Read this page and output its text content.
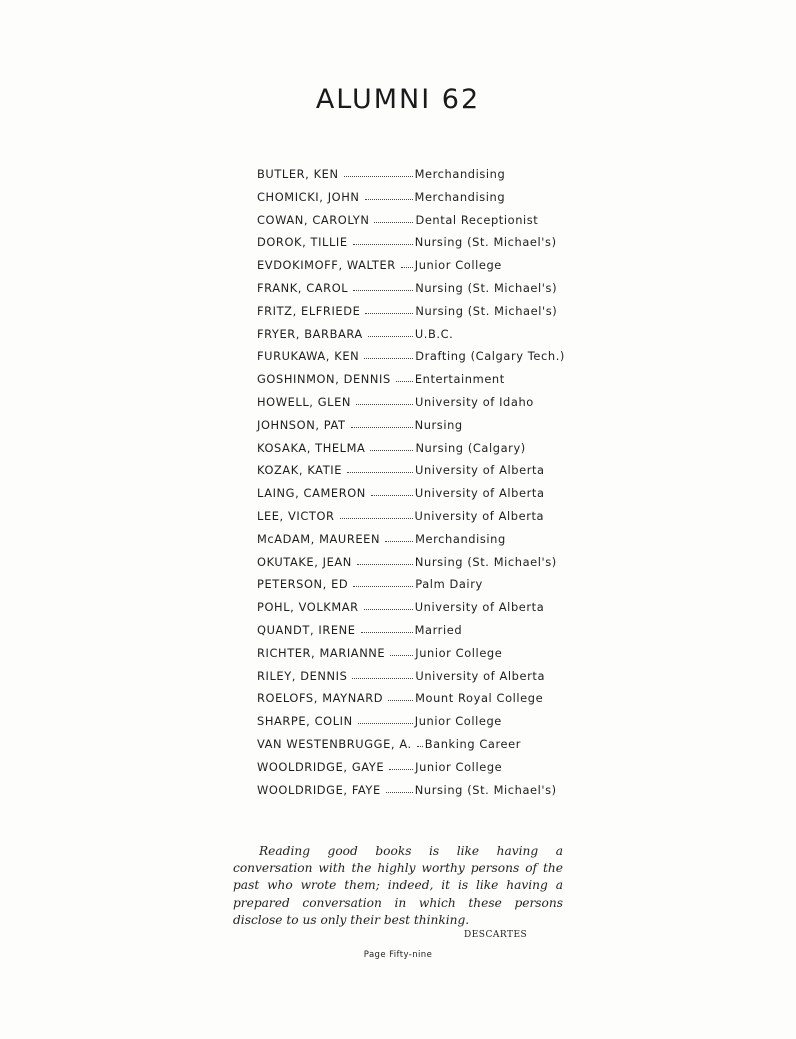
ALUMNI 62
BUTLER, KEN	Merchandising
CHOMICKI, JOHN	Merchandising
COWAN, CAROLYN	Dental Receptionist
DOROK, TILLIE	Nursing (St. Michael's)
EVDOKIMOFF, WALTER Junior College
FRANK, CAROL	Nursing (St. Michael's)
FRITZ, ELFRIEDE	Nursing (St. Michael's)
FRYER, BARBARA	U.B.C.
FURUKAWA, KEN	Drafting (Calgary Tech.)
GOSHINMON, DENNIS Entertainment
HOWELL, GLEN	University of Idaho
JOHNSON, PAT	Nursing
KOSAKA, THELMA	Nursing (Calgary)
KOZAK, KATIE	University of Alberta
LAING, CAMERON	University of Alberta
LEE, VICTOR	University of Alberta
McADAM, MAUREEN	Merchandising
OKUTAKE, JEAN	Nursing (St. Michael's)
PETERSON, ED	Palm Dairy
POHL, VOLKMAR	University of Alberta
QUANDT, IRENE	Married
RICHTER, MARIANNE	Junior College
RILEY, DENNIS	University of Alberta
ROELOFS, MAYNARD	Mount Royal College
SHARPE, COLIN	Junior College
VAN WESTENBRUGGE, A. Banking Career
WOOLDRIDGE, GAYE	Junior College
WOOLDRIDGE, FAYE	Nursing (St. Michael's)
Reading good books is like having a conversation with the highly worthy persons of the past who wrote them; indeed, it is like having a prepared conversation in which these persons disclose to us only their best thinking.
DESCARTES
Page Fifty-nine
